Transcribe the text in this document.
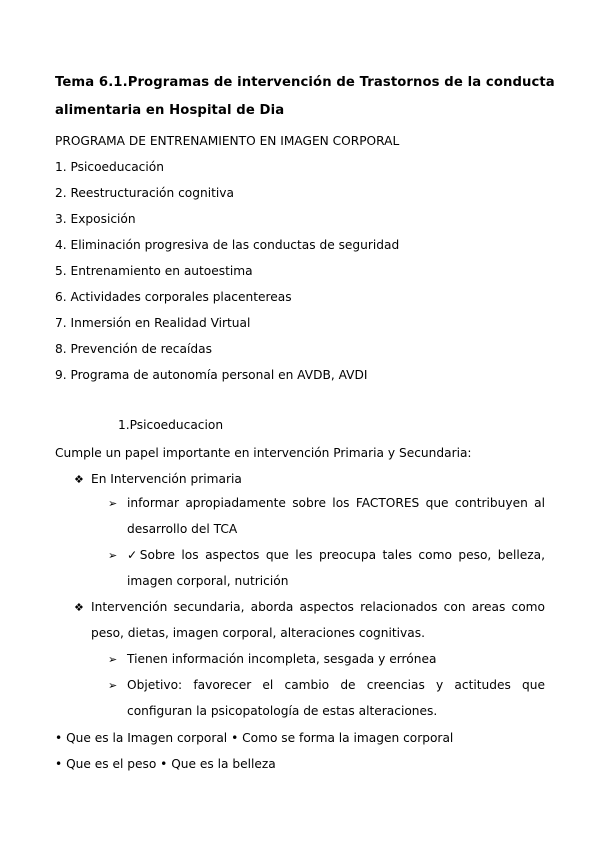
Tema 6.1.Programas de intervención de Trastornos de la conducta
alimentaria en Hospital de Dia
PROGRAMA DE ENTRENAMIENTO EN IMAGEN CORPORAL
1. Psicoeducación
2. Reestructuración cognitiva
3. Exposición
4. Eliminación progresiva de las conductas de seguridad
5. Entrenamiento en autoestima
6. Actividades corporales placentereas
7. Inmersión en Realidad Virtual
8. Prevención de recaídas
9. Programa de autonomía personal en AVDB, AVDI
1.Psicoeducacion
Cumple un papel importante en intervención Primaria y Secundaria:
❖ En Intervención primaria
➢ informar apropiadamente sobre los FACTORES que contribuyen al
desarrollo del TCA
➢ ✓Sobre los aspectos que les preocupa tales como peso, belleza,
imagen corporal, nutrición
❖ Intervención secundaria, aborda aspectos relacionados con areas como
peso, dietas, imagen corporal, alteraciones cognitivas.
➢ Tienen información incompleta, sesgada y errónea
➢ Objetivo: favorecer el cambio de creencias y actitudes que
configuran la psicopatología de estas alteraciones.
• Que es la Imagen corporal • Como se forma la imagen corporal
• Que es el peso • Que es la belleza
